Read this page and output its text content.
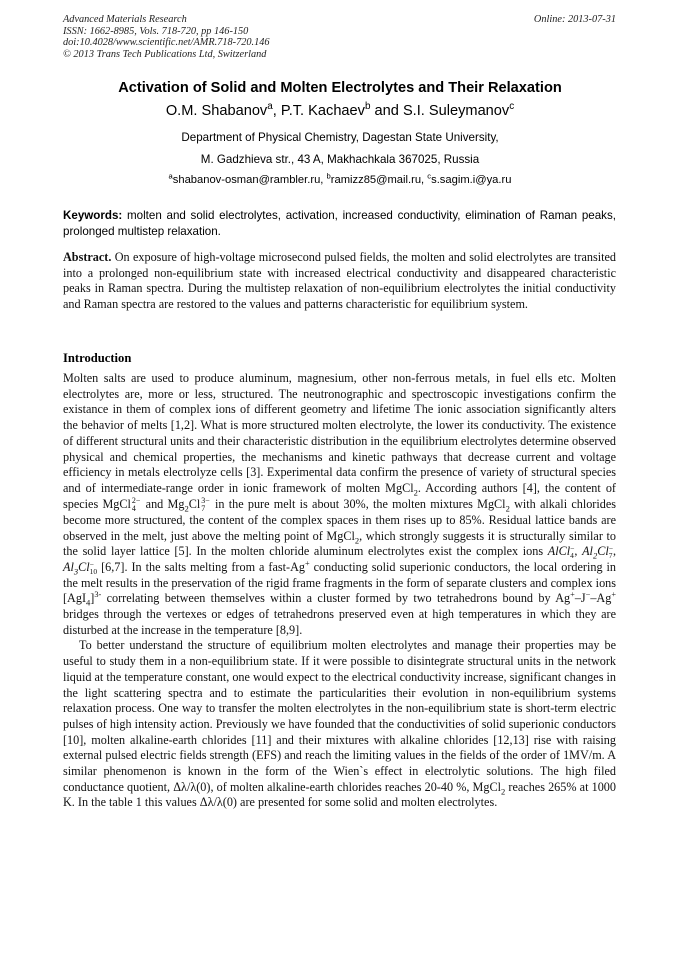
Advanced Materials Research
ISSN: 1662-8985, Vols. 718-720, pp 146-150
doi:10.4028/www.scientific.net/AMR.718-720.146
© 2013 Trans Tech Publications Ltd, Switzerland
Online: 2013-07-31
Activation of Solid and Molten Electrolytes and Their Relaxation
O.M. Shabanov$^a$, P.T. Kachaev$^b$ and S.I. Suleymanov$^c$
Department of Physical Chemistry, Dagestan State University,
M. Gadzhieva str., 43 A, Makhachkala 367025, Russia
$^a$shabanov-osman@rambler.ru, $^b$ramizz85@mail.ru, $^c$s.sagim.i@ya.ru
Keywords: molten and solid electrolytes, activation, increased conductivity, elimination of Raman peaks, prolonged multistep relaxation.
Abstract. On exposure of high-voltage microsecond pulsed fields, the molten and solid electrolytes are transited into a prolonged non-equilibrium state with increased electrical conductivity and disappeared characteristic peaks in Raman spectra. During the multistep relaxation of non-equilibrium electrolytes the initial conductivity and Raman spectra are restored to the values and patterns characteristic for equilibrium system.
Introduction

Molten salts are used to produce aluminum, magnesium, other non-ferrous metals, in fuel ells etc. Molten electrolytes are, more or less, structured. The neutronographic and spectroscopic investigations confirm the existance in them of complex ions of different geometry and lifetime The ionic association significantly alters the behavior of melts [1,2]. What is more structured molten electrolyte, the lower its conductivity. The existence of different structural units and their characteristic distribution in the equilibrium electrolytes determine observed physical and chemical properties, the mechanisms and kinetic pathways that decrease current and voltage efficiency in metals electrolyze cells [3]. Experimental data confirm the presence of variety of structural species and of intermediate-range order in ionic framework of molten MgCl$_2$. According authors [4], the content of species MgCl 2−
4 and $Mg_2Cl$ 3−
7 in the pure melt is about 30%, the molten mixtures MgCl$_2$ with alkali chlorides become more structured, the content of the complex spaces in them rises up to 85%. Residual lattice bands are observed in the melt, just above the melting point of MgCl$_2$, which strongly suggests it is structurally similar to the solid layer lattice [5]. In the molten chloride aluminum electrolytes exist the complex ions AlCl −
4 , $Al_2Cl$ −
7 , $Al_3Cl$ −
10 [6,7]. In the salts melting from a fast-Ag+ conducting solid superionic conductors, the local ordering in the melt results in the preservation of the rigid frame fragments in the form of separate clusters and complex ions $[AgI_4]^{3-}$ correlating between themselves within a cluster formed by two tetrahedrons bound by Ag+–J−–Ag+ bridges through the vertexes or edges of tetrahedrons preserved even at high temperatures in which they are disturbed at the increase in the temperature [8,9].

To better understand the structure of equilibrium molten electrolytes and manage their properties may be useful to study them in a non-equilibrium state. If it were possible to disintegrate structural units in the network liquid at the temperature constant, one would expect to the electrical conductivity increase, significant changes in the light scattering spectra and to estimate the particularities their evolution in non-equilibrium systems relaxation process. One way to transfer the molten electrolytes in the non-equilibrium state is short-term electric pulses of high intensity action. Previously we have founded that the conductivities of solid superionic conductors [10], molten alkaline-earth chlorides [11] and their mixtures with alkaline chlorides [12,13] rise with raising external pulsed electric fields strength (EFS) and reach the limiting values in the fields of the order of 1MV/m. A similar phenomenon is known in the form of the Wien`s effect in electrolytic solutions. The high filed conductance quotient, Δλ/λ(0), of molten alkaline-earth chlorides reaches 20-40 %, MgCl$_2$ reaches 265% at 1000 K. In the table 1 this values Δλ/λ(0) are presented for some solid and molten electrolytes.
